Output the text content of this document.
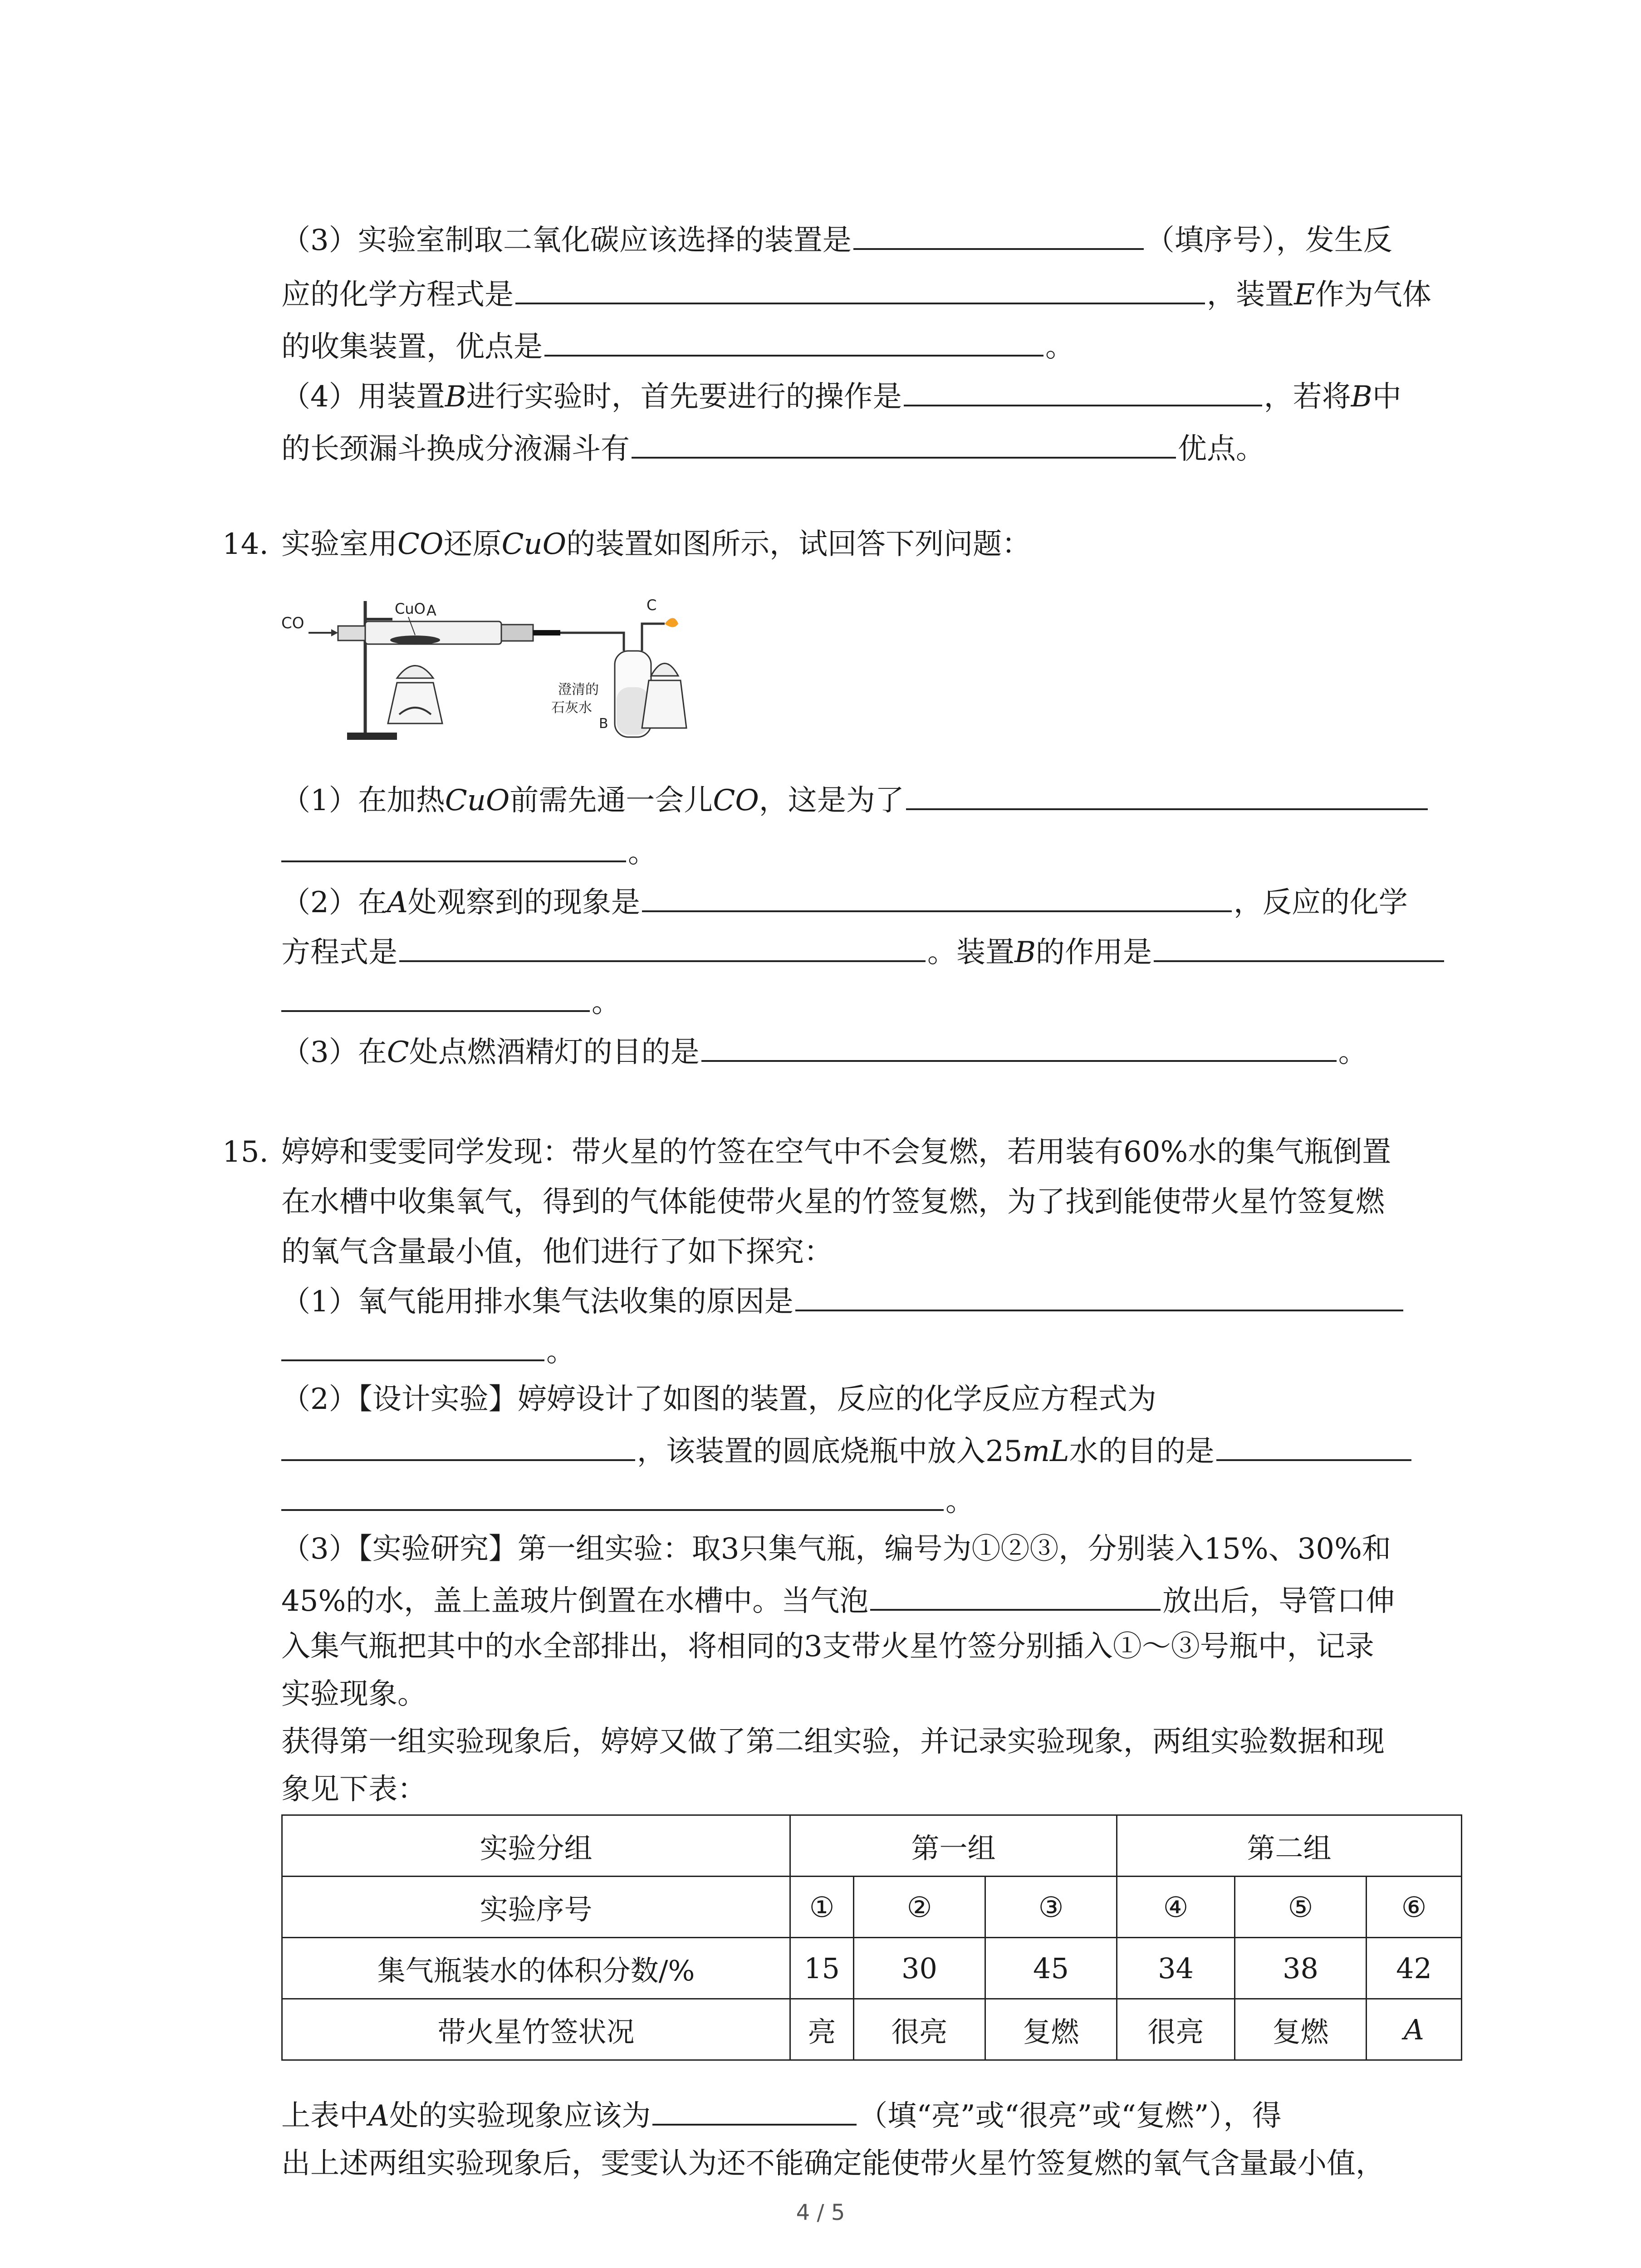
（3）实验室制取二氧化碳应该选择的装置是	（填序号），发生反
应的化学方程式是	，装置E作为气体
的收集装置，优点是	。
（4）用装置B进行实验时，首先要进行的操作是	，若将B中
的长颈漏斗换成分液漏斗有	优点。
14. 实验室用CO还原CuO的装置如图所示，试回答下列问题：
CO
CuO A
澄清的
石灰水
B
C
（1）在加热CuO前需先通一会儿CO，这是为了
。
（2）在A处观察到的现象是	，反应的化学
方程式是	。装置B的作用是
。
（3）在C处点燃酒精灯的目的是	。
15. 婷婷和雯雯同学发现：带火星的竹签在空气中不会复燃，若用装有60%水的集气瓶倒置
在水槽中收集氧气，得到的气体能使带火星的竹签复燃，为了找到能使带火星竹签复燃
的氧气含量最小值，他们进行了如下探究：
（1）氧气能用排水集气法收集的原因是
。
（2）【设计实验】婷婷设计了如图的装置，反应的化学反应方程式为
，该装置的圆底烧瓶中放入25mL水的目的是
。
（3）【实验研究】第一组实验：取3只集气瓶，编号为①②③，分别装入15%、30%和
45%的水，盖上盖玻片倒置在水槽中。当气泡	放出后，导管口伸
入集气瓶把其中的水全部排出，将相同的3支带火星竹签分别插入①～③号瓶中，记录
实验现象。
获得第一组实验现象后，婷婷又做了第二组实验，并记录实验现象，两组实验数据和现
象见下表：
实验分组	第一组			第二组		
实验序号	①	②	③	④	⑤	⑥
集气瓶装水的体积分数/%	15	30	45	34	38	42
带火星竹签状况	亮	很亮	复燃	很亮	复燃	A
上表中A处的实验现象应该为	（填“亮”或“很亮”或“复燃”），得
出上述两组实验现象后，雯雯认为还不能确定能使带火星竹签复燃的氧气含量最小值，
4 / 5
